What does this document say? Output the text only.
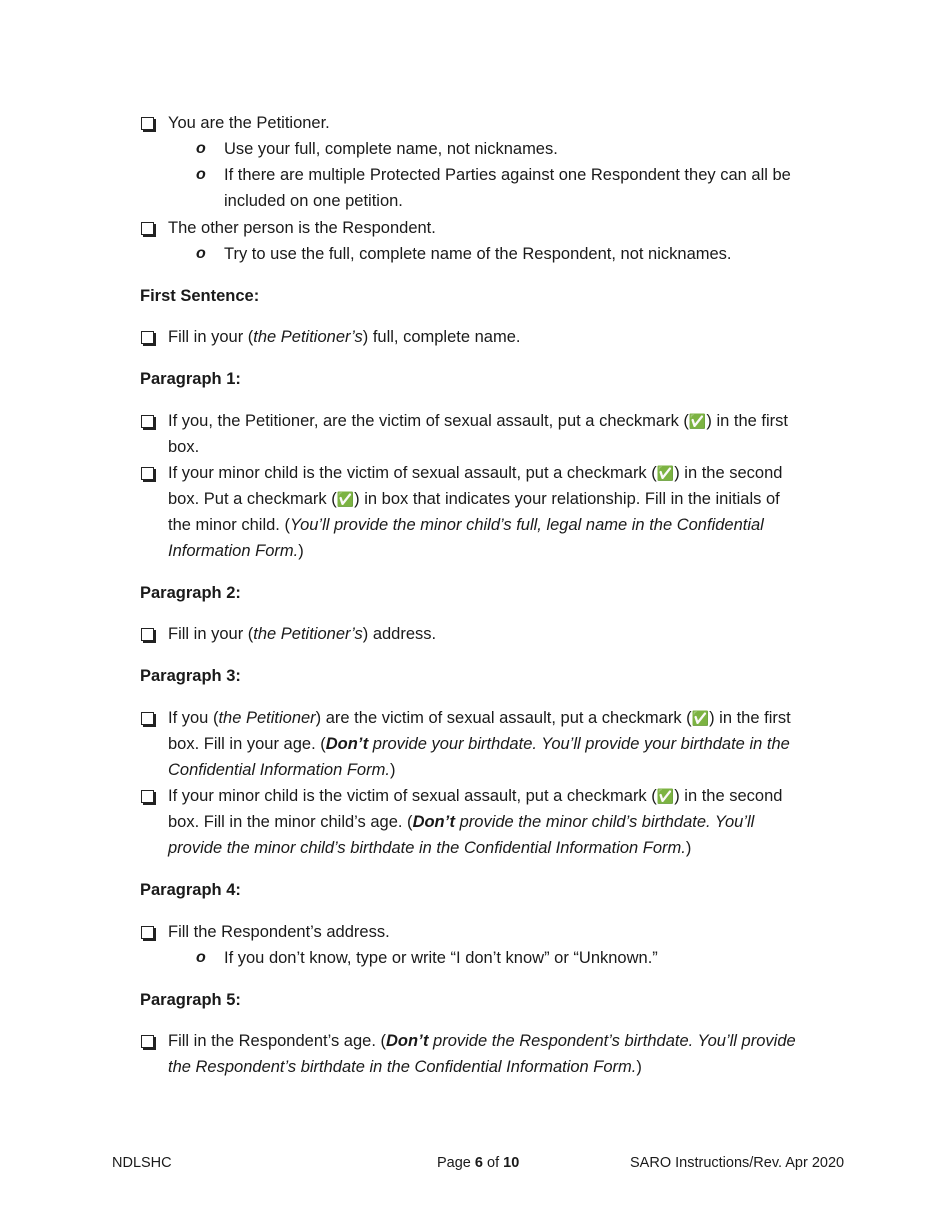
You are the Petitioner.
o Use your full, complete name, not nicknames.
o If there are multiple Protected Parties against one Respondent they can all be
included on one petition.
The other person is the Respondent.
o Try to use the full, complete name of the Respondent, not nicknames.
First Sentence:
Fill in your (the Petitioner’s) full, complete name.
Paragraph 1:
If you, the Petitioner, are the victim of sexual assault, put a checkmark (✅) in the first
box.
If your minor child is the victim of sexual assault, put a checkmark (✅) in the second
box. Put a checkmark (✅) in box that indicates your relationship. Fill in the initials of
the minor child. (You’ll provide the minor child’s full, legal name in the Confidential
Information Form.)
Paragraph 2:
Fill in your (the Petitioner’s) address.
Paragraph 3:
If you (the Petitioner) are the victim of sexual assault, put a checkmark (✅) in the first
box. Fill in your age. (Don’t provide your birthdate. You’ll provide your birthdate in the
Confidential Information Form.)
If your minor child is the victim of sexual assault, put a checkmark (✅) in the second
box. Fill in the minor child’s age. (Don’t provide the minor child’s birthdate. You’ll
provide the minor child’s birthdate in the Confidential Information Form.)
Paragraph 4:
Fill the Respondent’s address.
o If you don’t know, type or write “I don’t know” or “Unknown.”
Paragraph 5:
Fill in the Respondent’s age. (Don’t provide the Respondent’s birthdate. You’ll provide
the Respondent’s birthdate in the Confidential Information Form.)
NDLSHC	Page 6 of 10	SARO Instructions/Rev. Apr 2020
